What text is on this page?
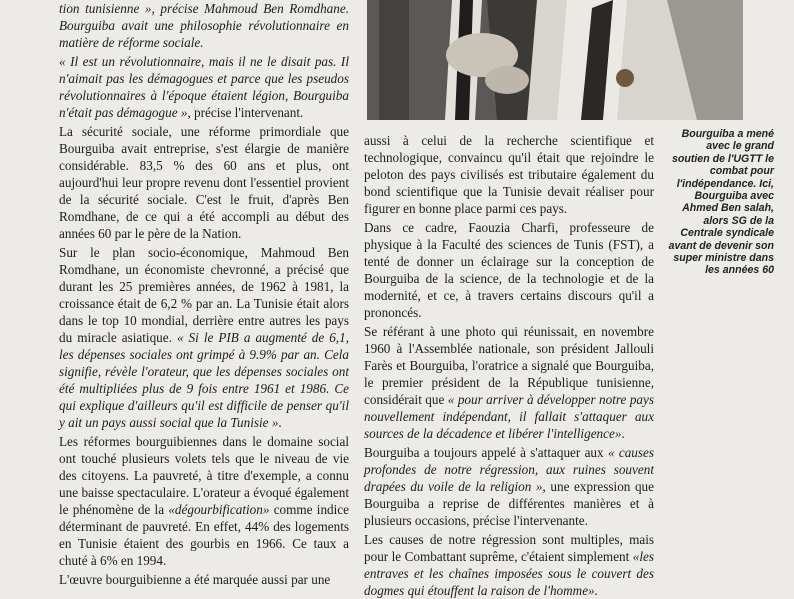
tion tunisienne », précise Mahmoud Ben Romdhane. Bourguiba avait une philosophie révolutionnaire en matière de réforme sociale.

« Il est un révolutionnaire, mais il ne le disait pas. Il n'aimait pas les démagogues et parce que les pseudos révolutionnaires à l'époque étaient légion, Bourguiba n'était pas démagogue », précise l'intervenant.

La sécurité sociale, une réforme primordiale que Bourguiba avait entreprise, s'est élargie de manière considérable. 83,5 % des 60 ans et plus, ont aujourd'hui leur propre revenu dont l'essentiel provient de la sécurité sociale. C'est le fruit, d'après Ben Romdhane, de ce qui a été accompli au début des années 60 par le père de la Nation.

Sur le plan socio-économique, Mahmoud Ben Romdhane, un économiste chevronné, a précisé que durant les 25 premières années, de 1962 à 1981, la croissance était de 6,2 % par an. La Tunisie était alors dans le top 10 mondial, derrière entre autres les pays du miracle asiatique. « Si le PIB a augmenté de 6,1, les dépenses sociales ont grimpé à 9.9% par an. Cela signifie, révèle l'orateur, que les dépenses sociales ont été multipliées plus de 9 fois entre 1961 et 1986. Ce qui explique d'ailleurs qu'il est difficile de penser qu'il y ait un pays aussi social que la Tunisie ».

Les réformes bourguibiennes dans le domaine social ont touché plusieurs volets tels que le niveau de vie des citoyens. La pauvreté, à titre d'exemple, a connu une baisse spectaculaire. L'orateur a évoqué également le phénomène de la «dégourbification» comme indice déterminant de pauvreté. En effet, 44% des logements en Tunisie étaient des gourbis en 1966. Ce taux a chuté à 6% en 1994.

L'œuvre bourguibienne a été marquée aussi par une

aussi à celui de la recherche scientifique et technologique, convaincu qu'il était que rejoindre le peloton des pays civilisés est tributaire également du bond scientifique que la Tunisie devait réaliser pour figurer en bonne place parmi ces pays.

Dans ce cadre, Faouzia Charfi, professeure de physique à la Faculté des sciences de Tunis (FST), a tenté de donner un éclairage sur la conception de Bourguiba de la science, de la technologie et de la modernité, et ce, à travers certains discours qu'il a prononcés.

Se référant à une photo qui réunissait, en novembre 1960 à l'Assemblée nationale, son président Jallouli Farès et Bourguiba, l'oratrice a signalé que Bourguiba, le premier président de la République tunisienne, considérait que « pour arriver à développer notre pays nouvellement indépendant, il fallait s'attaquer aux sources de la décadence et libérer l'intelligence».

Bourguiba a toujours appelé à s'attaquer aux « causes profondes de notre régression, aux ruines souvent drapées du voile de la religion », une expression que Bourguiba a reprise de différentes manières et à plusieurs occasions, précise l'intervenante.

Les causes de notre régression sont multiples, mais pour le Combattant suprême, c'étaient simplement «les entraves et les chaînes imposées sous le couvert des dogmes qui étouffent la raison de l'homme».

Bourguiba a mené avec le grand soutien de l'UGTT le combat pour l'indépendance. Ici, Bourguiba avec Ahmed Ben salah, alors SG de la Centrale syndicale avant de devenir son super ministre dans les années 60
